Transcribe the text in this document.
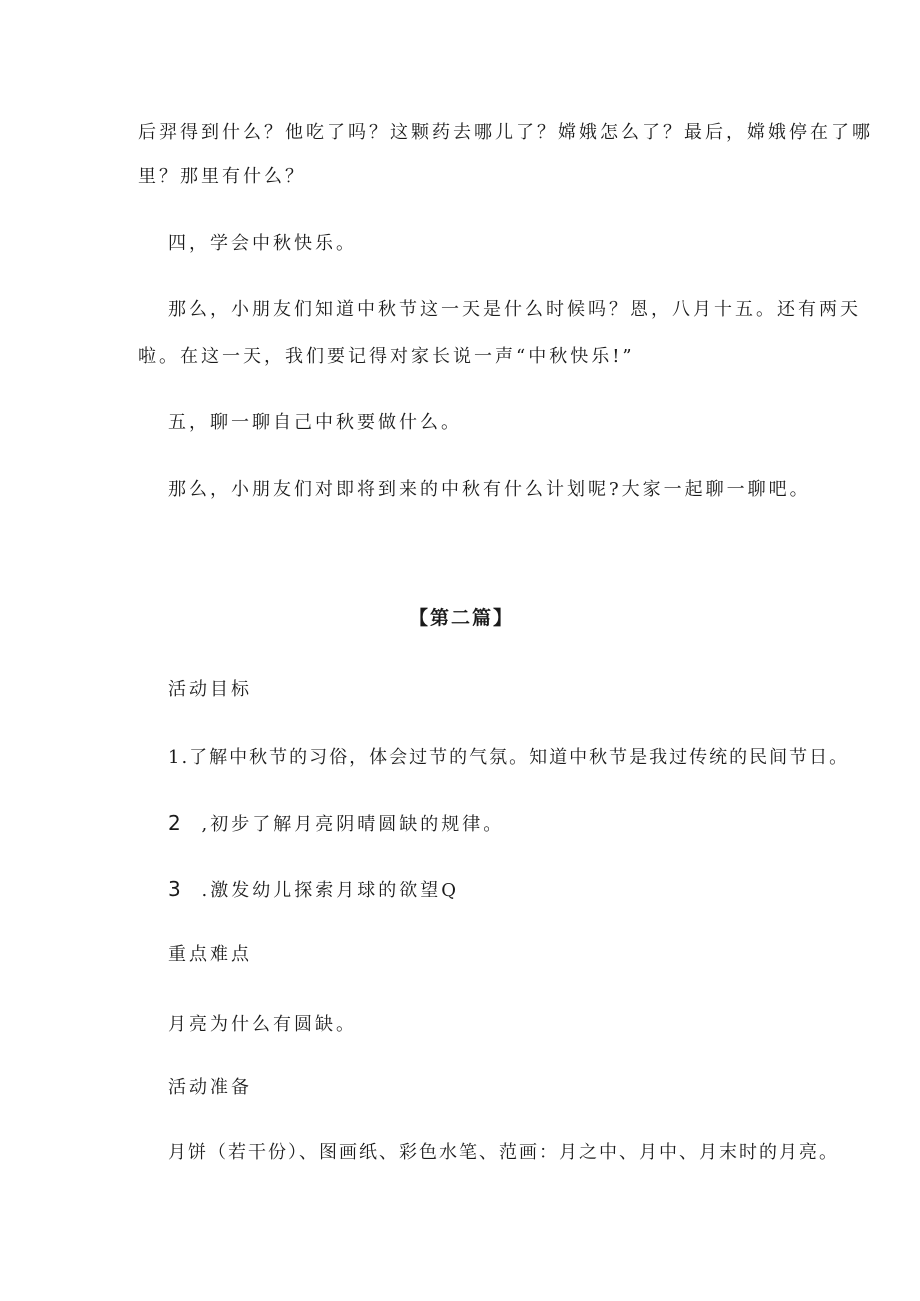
后羿得到什么？他吃了吗？这颗药去哪儿了？嫦娥怎么了？最后，嫦娥停在了哪
里？那里有什么？
四，学会中秋快乐。
那么，小朋友们知道中秋节这一天是什么时候吗？恩，八月十五。还有两天
啦。在这一天，我们要记得对家长说一声“中秋快乐!”
五，聊一聊自己中秋要做什么。
那么，小朋友们对即将到来的中秋有什么计划呢?大家一起聊一聊吧。
【第二篇】
活动目标
1.了解中秋节的习俗，体会过节的气氛。知道中秋节是我过传统的民间节日。
2 ,初步了解月亮阴晴圆缺的规律。
3 .激发幼儿探索月球的欲望Q
重点难点
月亮为什么有圆缺。
活动准备
月饼（若干份）、图画纸、彩色水笔、范画：月之中、月中、月末时的月亮。
